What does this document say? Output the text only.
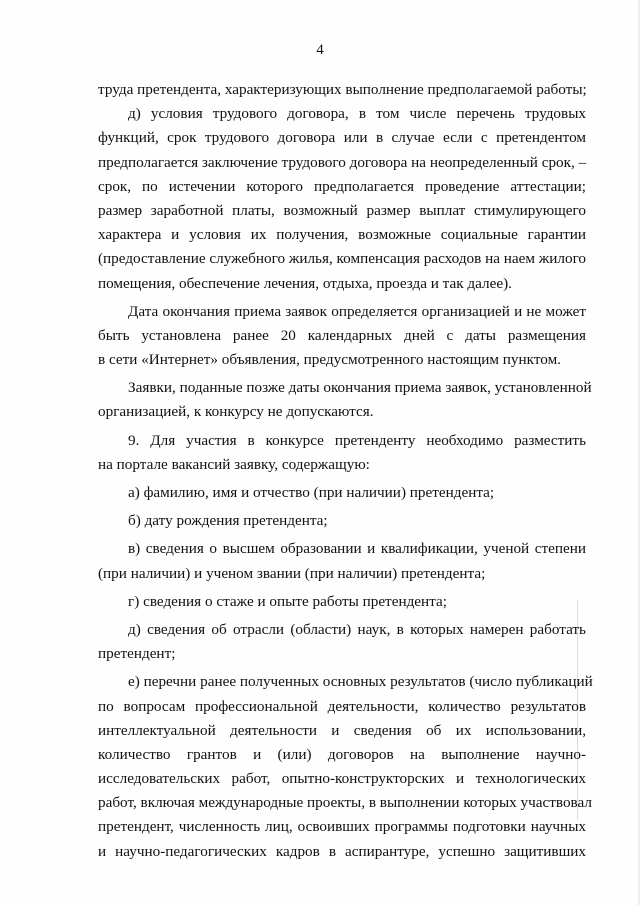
4
труда претендента, характеризующих выполнение предполагаемой работы;
д) условия трудового договора, в том числе перечень трудовых
функций, срок трудового договора или в случае если с претендентом
предполагается заключение трудового договора на неопределенный срок, –
срок, по истечении которого предполагается проведение аттестации;
размер заработной платы, возможный размер выплат стимулирующего
характера и условия их получения, возможные социальные гарантии
(предоставление служебного жилья, компенсация расходов на наем жилого
помещения, обеспечение лечения, отдыха, проезда и так далее).
Дата окончания приема заявок определяется организацией и не может
быть установлена ранее 20 календарных дней с даты размещения
в сети «Интернет» объявления, предусмотренного настоящим пунктом.
Заявки, поданные позже даты окончания приема заявок, установленной
организацией, к конкурсу не допускаются.
9. Для участия в конкурсе претенденту необходимо разместить
на портале вакансий заявку, содержащую:
а) фамилию, имя и отчество (при наличии) претендента;
б) дату рождения претендента;
в) сведения о высшем образовании и квалификации, ученой степени
(при наличии) и ученом звании (при наличии) претендента;
г) сведения о стаже и опыте работы претендента;
д) сведения об отрасли (области) наук, в которых намерен работать
претендент;
е) перечни ранее полученных основных результатов (число публикаций
по вопросам профессиональной деятельности, количество результатов
интеллектуальной деятельности и сведения об их использовании,
количество грантов и (или) договоров на выполнение научно-
исследовательских работ, опытно-конструкторских и технологических
работ, включая международные проекты, в выполнении которых участвовал
претендент, численность лиц, освоивших программы подготовки научных
и научно-педагогических кадров в аспирантуре, успешно защитивших
